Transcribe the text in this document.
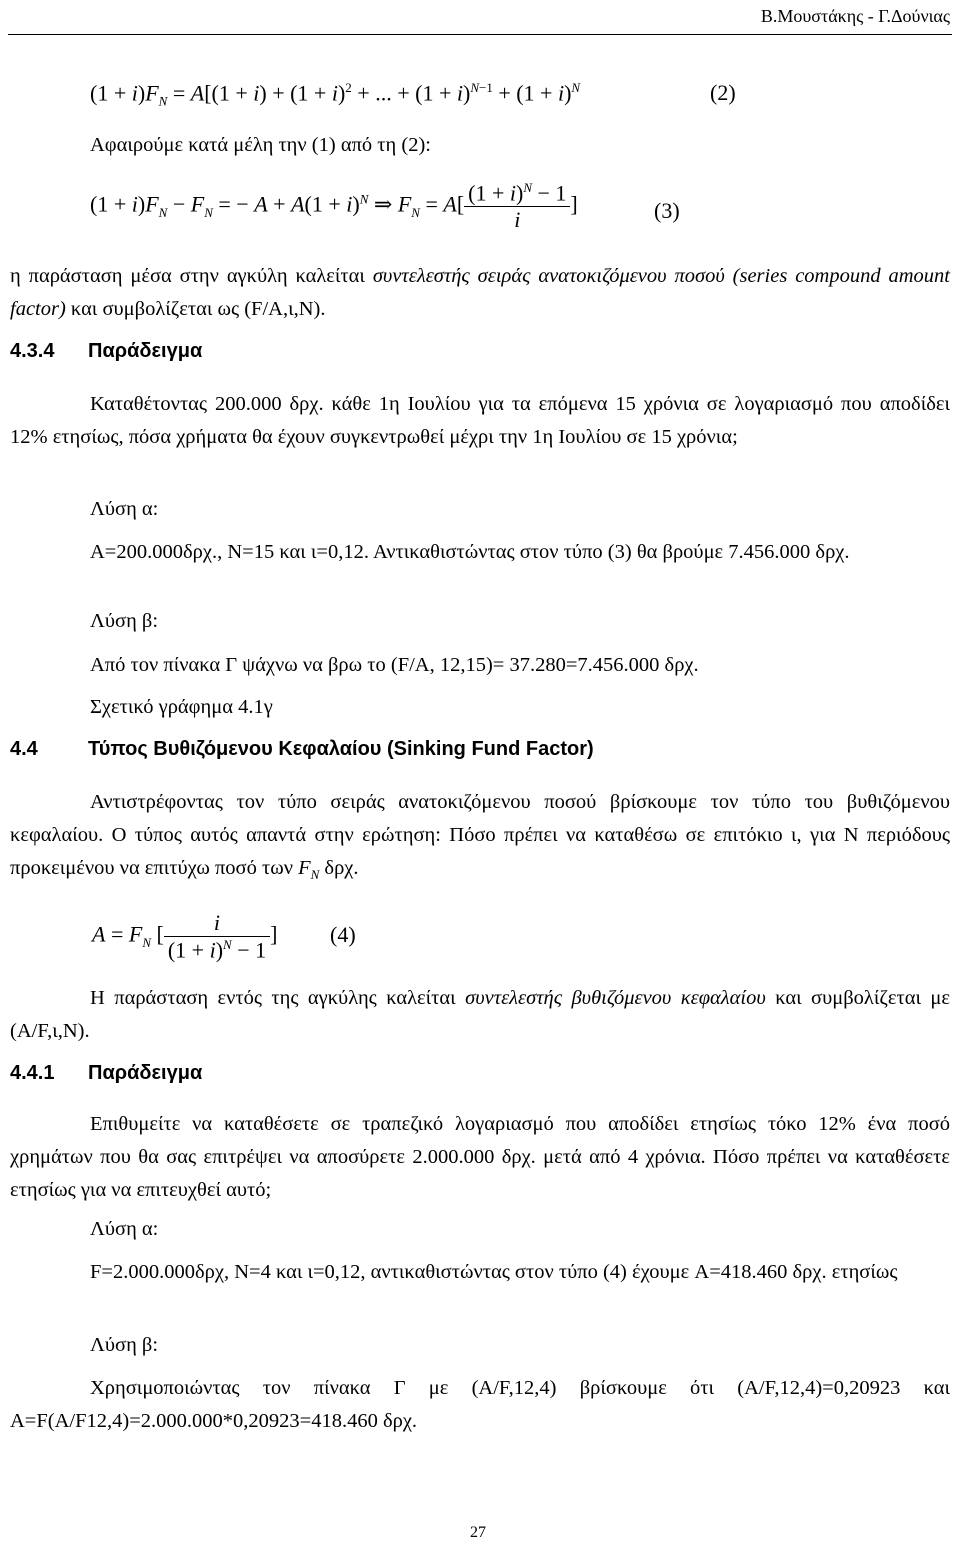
Β.Μουστάκης - Γ.Δούνιας
$(1 + i)F_N = A[(1 + i) + (1 + i)^2$ + ... + $(1 + i)^{N-1} + (1 + i)^N$	(2)
Αφαιρούμε κατά μέλη την (1) από τη (2):
$(1 + i)F_N - F_N$ = − $A + A(1 + i)^N$ ⇒ $F_N = A[ \frac{(1 + i)^N - 1}{i}$ ]	(3)
η παράσταση μέσα στην αγκύλη καλείται συντελεστής σειράς ανατοκιζόμενου ποσού (series compound amount factor) και συμβολίζεται ως (F/A,ι,N).
4.3.4 Παράδειγμα
Καταθέτοντας 200.000 δρχ. κάθε 1η Ιουλίου για τα επόμενα 15 χρόνια σε λογαριασμό που αποδίδει 12% ετησίως, πόσα χρήματα θα έχουν συγκεντρωθεί μέχρι την 1η Ιουλίου σε 15 χρόνια;
Λύση α:
A=200.000δρχ., N=15 και ι=0,12. Αντικαθιστώντας στον τύπο (3) θα βρούμε 7.456.000 δρχ.
Λύση β:
Από τον πίνακα Γ ψάχνω να βρω το (F/A, 12,15)= 37.280=7.456.000 δρχ.
Σχετικό γράφημα 4.1γ
4.4	Τύπος Βυθιζόμενου Κεφαλαίου (Sinking Fund Factor)
Αντιστρέφοντας τον τύπο σειράς ανατοκιζόμενου ποσού βρίσκουμε τον τύπο του βυθιζόμενου κεφαλαίου. Ο τύπος αυτός απαντά στην ερώτηση: Πόσο πρέπει να καταθέσω σε επιτόκιο ι, για N περιόδους προκειμένου να επιτύχω ποσό των $F_N$ δρχ.
$A = F_N$ [ $\frac{i}{(1 + i)^N - 1}$ ] (4)
Η παράσταση εντός της αγκύλης καλείται συντελεστής βυθιζόμενου κεφαλαίου και συμβολίζεται με (A/F,ι,N).
4.4.1 Παράδειγμα
Επιθυμείτε να καταθέσετε σε τραπεζικό λογαριασμό που αποδίδει ετησίως τόκο 12% ένα ποσό χρημάτων που θα σας επιτρέψει να αποσύρετε 2.000.000 δρχ. μετά από 4 χρόνια. Πόσο πρέπει να καταθέσετε ετησίως για να επιτευχθεί αυτό;
Λύση α:
F=2.000.000δρχ, N=4 και ι=0,12, αντικαθιστώντας στον τύπο (4) έχουμε A=418.460 δρχ. ετησίως
Λύση β:
Χρησιμοποιώντας τον πίνακα Γ με (A/F,12,4) βρίσκουμε ότι (A/F,12,4)=0,20923 και A=F(A/F12,4)=2.000.000*0,20923=418.460 δρχ.
27
